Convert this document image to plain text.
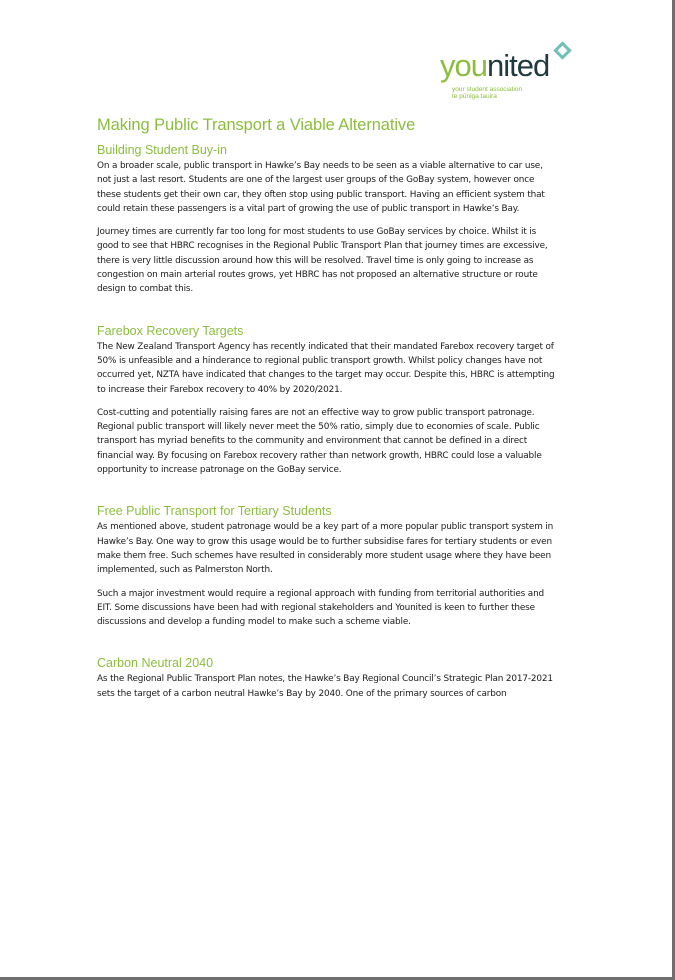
younited
your student association
te pūniga tauira
Making Public Transport a Viable Alternative
Building Student Buy-in

On a broader scale, public transport in Hawke’s Bay needs to be seen as a viable alternative to car use, not just a last resort. Students are one of the largest user groups of the GoBay system, however once these students get their own car, they often stop using public transport. Having an efficient system that could retain these passengers is a vital part of growing the use of public transport in Hawke’s Bay.

Journey times are currently far too long for most students to use GoBay services by choice. Whilst it is good to see that HBRC recognises in the Regional Public Transport Plan that journey times are excessive, there is very little discussion around how this will be resolved. Travel time is only going to increase as congestion on main arterial routes grows, yet HBRC has not proposed an alternative structure or route design to combat this.

Farebox Recovery Targets

The New Zealand Transport Agency has recently indicated that their mandated Farebox recovery target of 50% is unfeasible and a hinderance to regional public transport growth. Whilst policy changes have not occurred yet, NZTA have indicated that changes to the target may occur. Despite this, HBRC is attempting to increase their Farebox recovery to 40% by 2020/2021.

Cost-cutting and potentially raising fares are not an effective way to grow public transport patronage. Regional public transport will likely never meet the 50% ratio, simply due to economies of scale. Public transport has myriad benefits to the community and environment that cannot be defined in a direct financial way. By focusing on Farebox recovery rather than network growth, HBRC could lose a valuable opportunity to increase patronage on the GoBay service.

Free Public Transport for Tertiary Students

As mentioned above, student patronage would be a key part of a more popular public transport system in Hawke’s Bay. One way to grow this usage would be to further subsidise fares for tertiary students or even make them free. Such schemes have resulted in considerably more student usage where they have been implemented, such as Palmerston North.

Such a major investment would require a regional approach with funding from territorial authorities and EIT. Some discussions have been had with regional stakeholders and Younited is keen to further these discussions and develop a funding model to make such a scheme viable.

Carbon Neutral 2040

As the Regional Public Transport Plan notes, the Hawke’s Bay Regional Council’s Strategic Plan 2017-2021 sets the target of a carbon neutral Hawke’s Bay by 2040. One of the primary sources of carbon
